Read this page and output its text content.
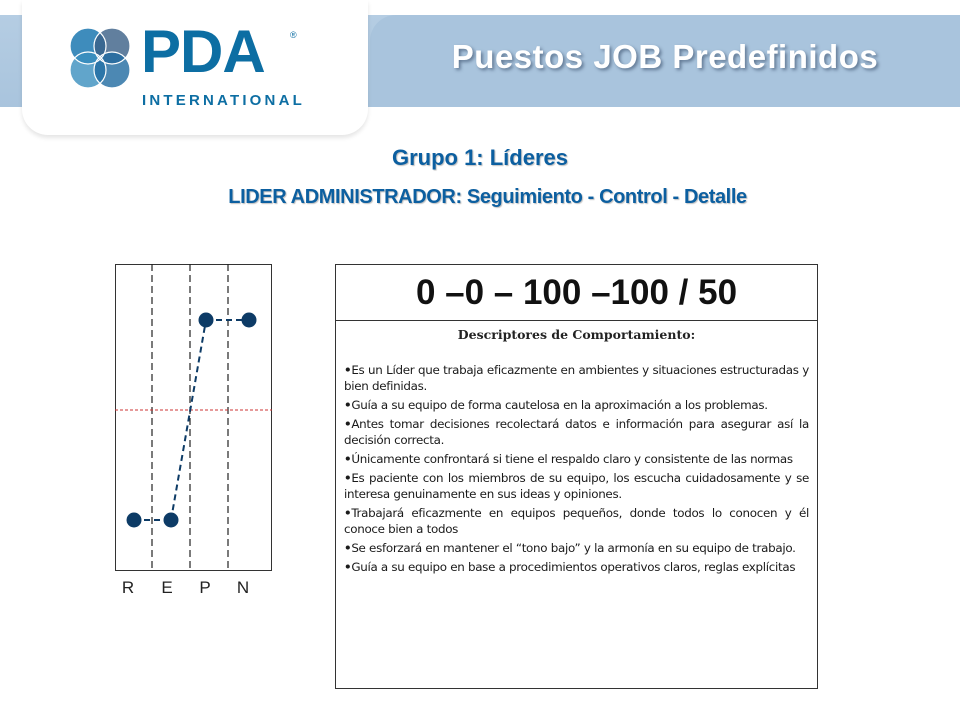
Puestos JOB Predefinidos
PDA	®
INTERNATIONAL
Grupo 1: Líderes
LIDER ADMINISTRADOR: Seguimiento - Control - Detalle
R E P N
0 –0 – 100 –100 / 50
Descriptores de Comportamiento:
•Es un Líder que trabaja eficazmente en ambientes y situaciones estructuradas y bien definidas.
•Guía a su equipo de forma cautelosa en la aproximación a los problemas.
•Antes tomar decisiones recolectará datos e información para asegurar así la decisión correcta.
•Únicamente confrontará si tiene el respaldo claro y consistente de las normas
•Es paciente con los miembros de su equipo, los escucha cuidadosamente y se interesa genuinamente en sus ideas y opiniones.
•Trabajará eficazmente en equipos pequeños, donde todos lo conocen y él conoce bien a todos
•Se esforzará en mantener el “tono bajo” y la armonía en su equipo de trabajo.
•Guía a su equipo en base a procedimientos operativos claros, reglas explícitas
